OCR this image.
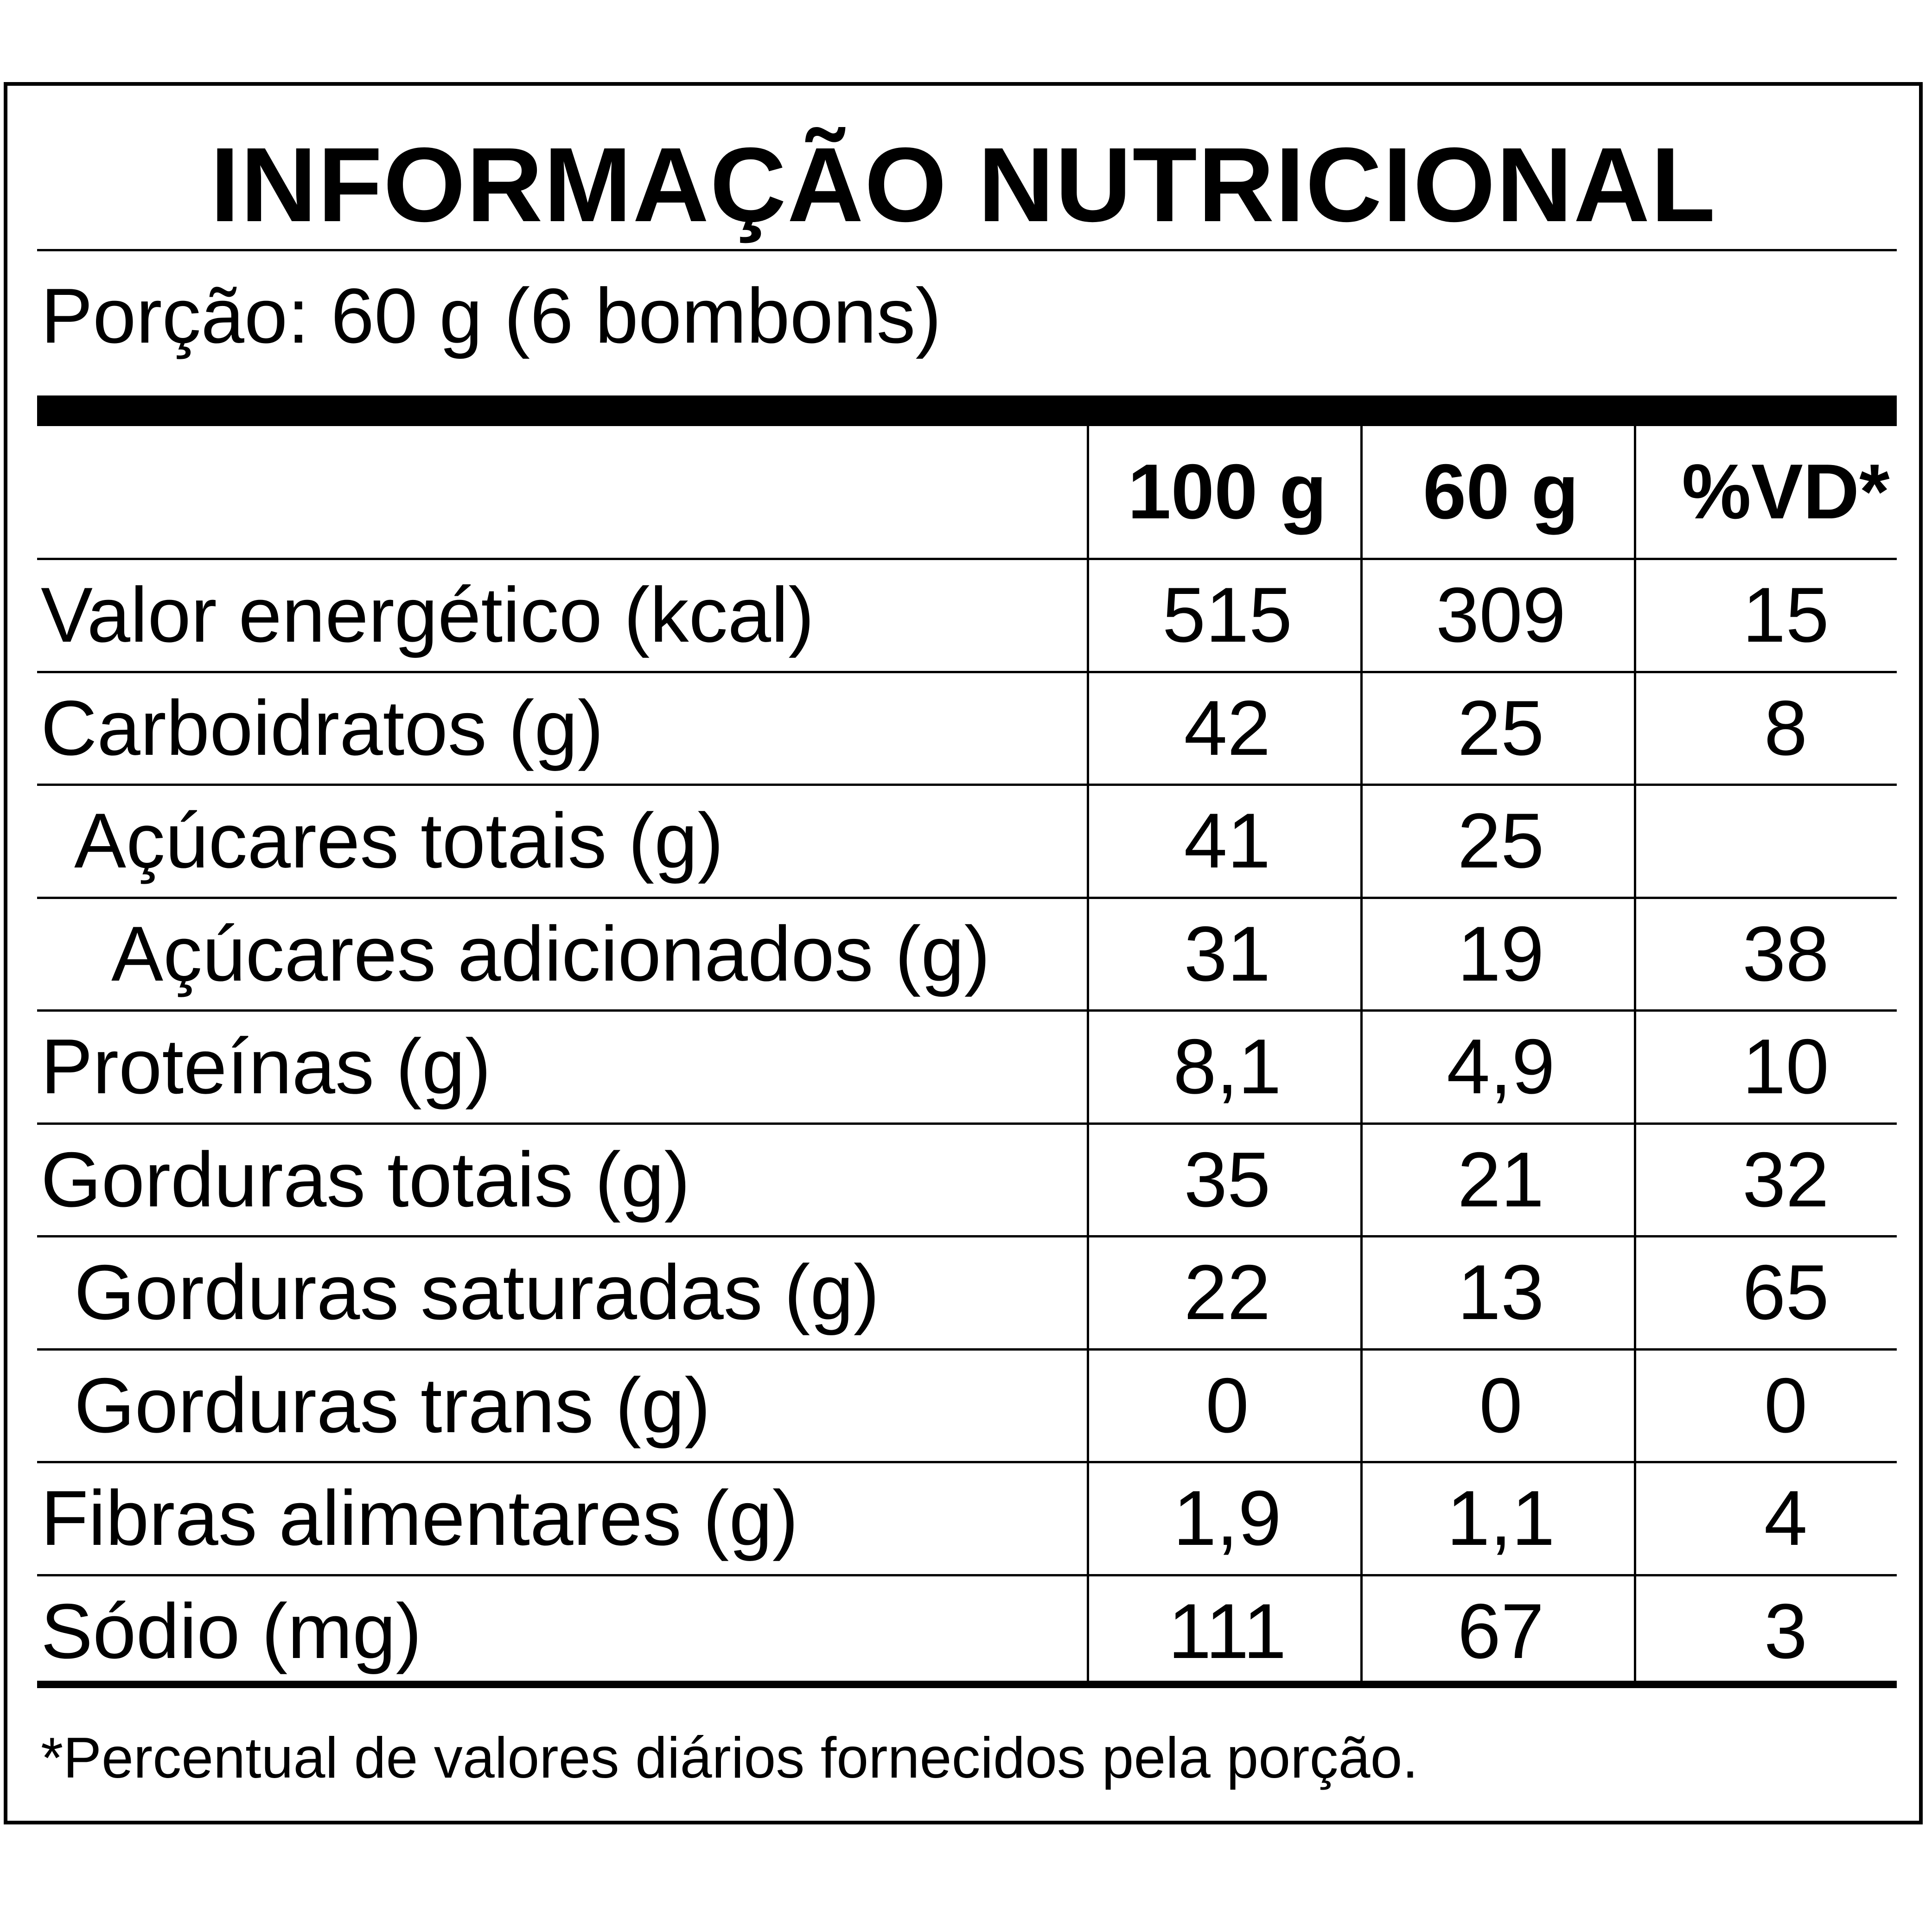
INFORMAÇÃO NUTRICIONAL
Porção: 60 g (6 bombons)
100 g	60 g	%VD*
Valor energético (kcal)	515	309	15
Carboidratos (g)	42	25	8
Açúcares totais (g)	41	25
Açúcares adicionados (g)	31	19	38
Proteínas (g)	8,1	4,9	10
Gorduras totais (g)	35	21	32
Gorduras saturadas (g)	22	13	65
Gorduras trans (g)	0	0	0
Fibras alimentares (g)	1,9	1,1	4
Sódio (mg)	111	67	3
*Percentual de valores diários fornecidos pela porção.
